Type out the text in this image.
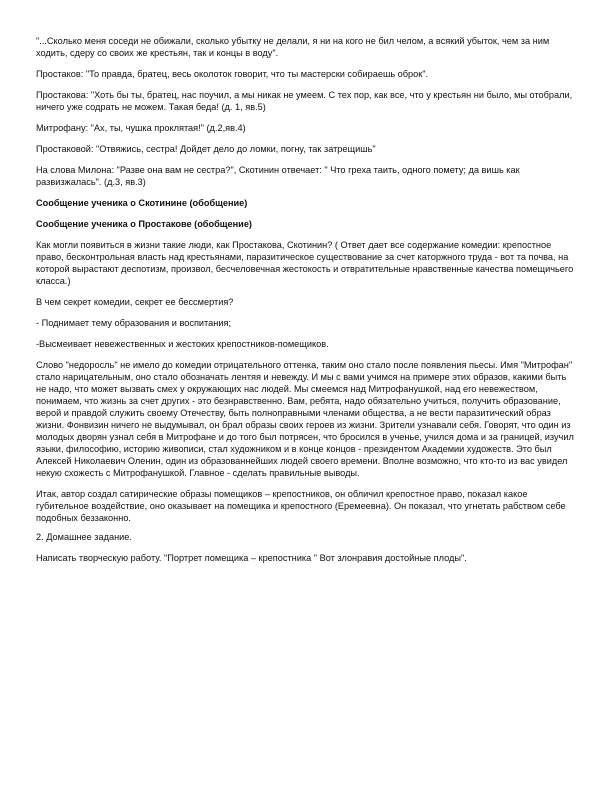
"...Сколько меня соседи не обижали, сколько убытку не делали, я ни на кого не бил челом, а всякий убыток, чем за ним ходить, сдеру со своих же крестьян, так и концы в воду".

Простаков: "То правда, братец, весь околоток говорит, что ты мастерски собираешь оброк".

Простакова: "Хоть бы ты, братец, нас поучил, а мы никак не умеем. С тех пор, как все, что у крестьян ни было, мы отобрали, ничего уже содрать не можем. Такая беда! (д. 1, яв.5)

Митрофану: "Ах, ты, чушка проклятая!" (д.2,яв.4)

Простаковой: "Отвяжись, сестра! Дойдет дело до ломки, погну, так затрещишь"

На слова Милона: "Разве она вам не сестра?", Скотинин отвечает: " Что греха таить, одного помету; да вишь как развизжалась". (д.3, яв.3)

Сообщение ученика о Скотинине (обобщение)

Сообщение ученика о Простакове (обобщение)

Как могли появиться в жизни такие люди, как Простакова, Скотинин? ( Ответ дает все содержание комедии: крепостное право, бесконтрольная власть над крестьянами, паразитическое существование за счет каторжного труда - вот та почва, на которой вырастают деспотизм, произвол, бесчеловечная жестокость и отвратительные нравственные качества помещичьего класса.)

В чем секрет комедии, секрет ее бессмертия?

- Поднимает тему образования и воспитания;

-Высмеивает невежественных и жестоких крепостников-помещиков.

Слово "недоросль" не имело до комедии отрицательного оттенка, таким оно стало после появления пьесы. Имя "Митрофан" стало нарицательным, оно стало обозначать лентяя и невежду. И мы с вами учимся на примере этих образов, какими быть не надо, что может вызвать смех у окружающих нас людей. Мы смеемся над Митрофанушкой, над его невежеством, понимаем, что жизнь за счет других - это безнравственно. Вам, ребята, надо обязательно учиться, получить образование, верой и правдой служить своему Отечеству, быть полноправными членами общества, а не вести паразитический образ жизни. Фонвизин ничего не выдумывал, он брал образы своих героев из жизни. Зрители узнавали себя. Говорят, что один из молодых дворян узнал себя в Митрофане и до того был потрясен, что бросился в ученье, учился дома и за границей, изучил языки, философию, историю живописи, стал художником и в конце концов - президентом Академии художеств. Это был Алексей Николаевич Оленин, один из образованнейших людей своего времени. Вполне возможно, что кто-то из вас увидел некую схожесть с Митрофанушкой. Главное - сделать правильные выводы.

Итак, автор создал сатирические образы помещиков – крепостников, он обличил крепостное право, показал какое губительное воздействие, оно оказывает на помещика и крепостного (Еремеевна). Он показал, что угнетать рабством себе подобных беззаконно.

2. Домашнее задание.

Написать творческую работу. "Портрет помещика – крепостника " Вот злонравия достойные плоды".
